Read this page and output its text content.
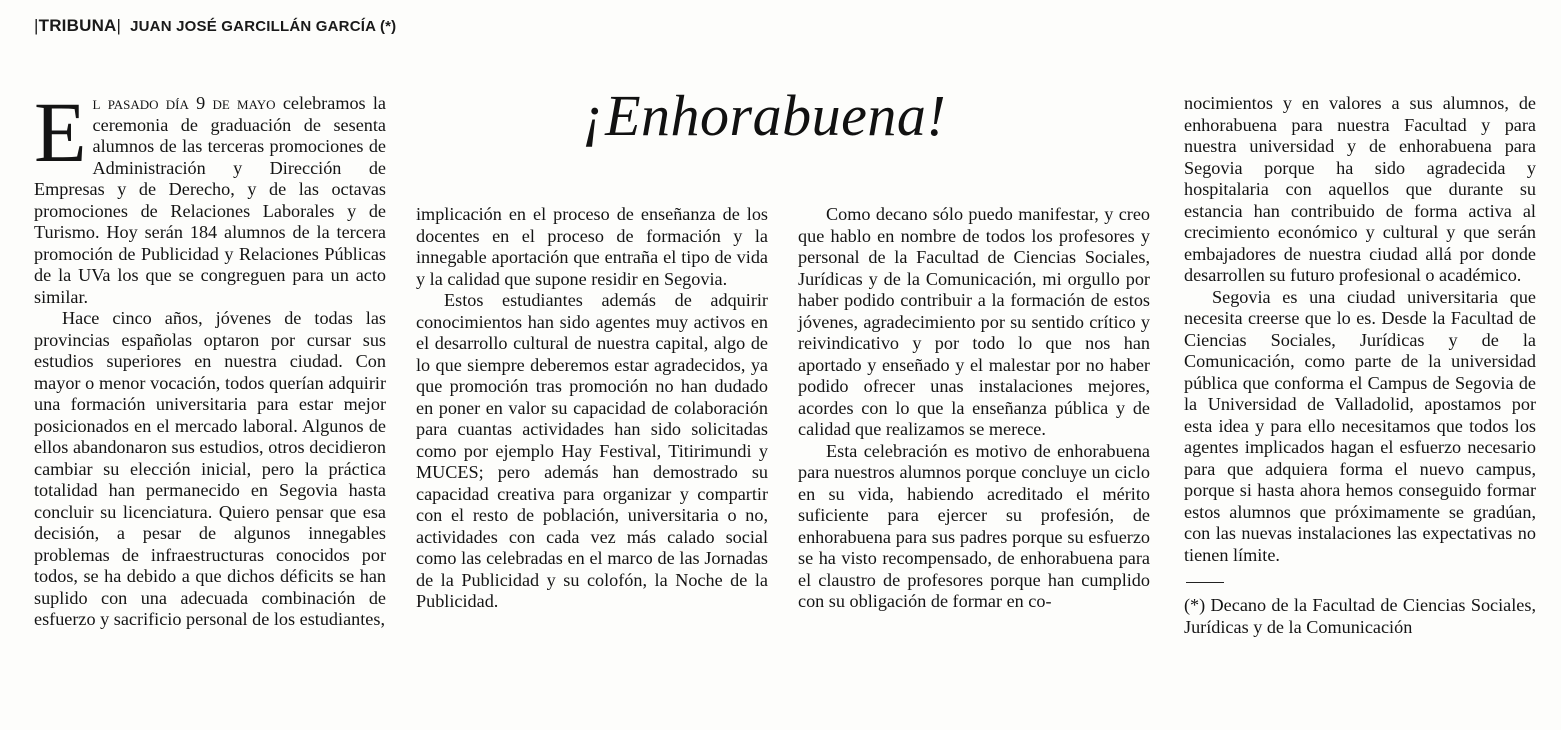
|TRIBUNA| JUAN JOSÉ GARCILLÁN GARCÍA (*)
¡Enhorabuena!

El pasado día 9 de mayo celebramos la ceremonia de graduación de sesenta alumnos de las terceras promociones de Administración y Dirección de Empresas y de Derecho, y de las octavas promociones de Relaciones Laborales y de Turismo. Hoy serán 184 alumnos de la tercera promoción de Publicidad y Relaciones Públicas de la UVa los que se congreguen para un acto similar.

Hace cinco años, jóvenes de todas las provincias españolas optaron por cursar sus estudios superiores en nuestra ciudad. Con mayor o menor vocación, todos querían adquirir una formación universitaria para estar mejor posicionados en el mercado laboral. Algunos de ellos abandonaron sus estudios, otros decidieron cambiar su elección inicial, pero la práctica totalidad han permanecido en Segovia hasta concluir su licenciatura. Quiero pensar que esa decisión, a pesar de algunos innegables problemas de infraestructuras conocidos por todos, se ha debido a que dichos déficits se han suplido con una adecuada combinación de esfuerzo y sacrificio personal de los estudiantes,

implicación en el proceso de enseñanza de los docentes en el proceso de formación y la innegable aportación que entraña el tipo de vida y la calidad que supone residir en Segovia.

Estos estudiantes además de adquirir conocimientos han sido agentes muy activos en el desarrollo cultural de nuestra capital, algo de lo que siempre deberemos estar agradecidos, ya que promoción tras promoción no han dudado en poner en valor su capacidad de colaboración para cuantas actividades han sido solicitadas como por ejemplo Hay Festival, Titirimundi y MUCES; pero además han demostrado su capacidad creativa para organizar y compartir con el resto de población, universitaria o no, actividades con cada vez más calado social como las celebradas en el marco de las Jornadas de la Publicidad y su colofón, la Noche de la Publicidad.

Como decano sólo puedo manifestar, y creo que hablo en nombre de todos los profesores y personal de la Facultad de Ciencias Sociales, Jurídicas y de la Comunicación, mi orgullo por haber podido contribuir a la formación de estos jóvenes, agradecimiento por su sentido crítico y reivindicativo y por todo lo que nos han aportado y enseñado y el malestar por no haber podido ofrecer unas instalaciones mejores, acordes con lo que la enseñanza pública y de calidad que realizamos se merece.

Esta celebración es motivo de enhorabuena para nuestros alumnos porque concluye un ciclo en su vida, habiendo acreditado el mérito suficiente para ejercer su profesión, de enhorabuena para sus padres porque su esfuerzo se ha visto recompensado, de enhorabuena para el claustro de profesores porque han cumplido con su obligación de formar en co-

nocimientos y en valores a sus alumnos, de enhorabuena para nuestra Facultad y para nuestra universidad y de enhorabuena para Segovia porque ha sido agradecida y hospitalaria con aquellos que durante su estancia han contribuido de forma activa al crecimiento económico y cultural y que serán embajadores de nuestra ciudad allá por donde desarrollen su futuro profesional o académico.

Segovia es una ciudad universitaria que necesita creerse que lo es. Desde la Facultad de Ciencias Sociales, Jurídicas y de la Comunicación, como parte de la universidad pública que conforma el Campus de Segovia de la Universidad de Valladolid, apostamos por esta idea y para ello necesitamos que todos los agentes implicados hagan el esfuerzo necesario para que adquiera forma el nuevo campus, porque si hasta ahora hemos conseguido formar estos alumnos que próximamente se gradúan, con las nuevas instalaciones las expectativas no tienen límite.

(*) Decano de la Facultad de Ciencias Sociales, Jurídicas y de la Comunicación
